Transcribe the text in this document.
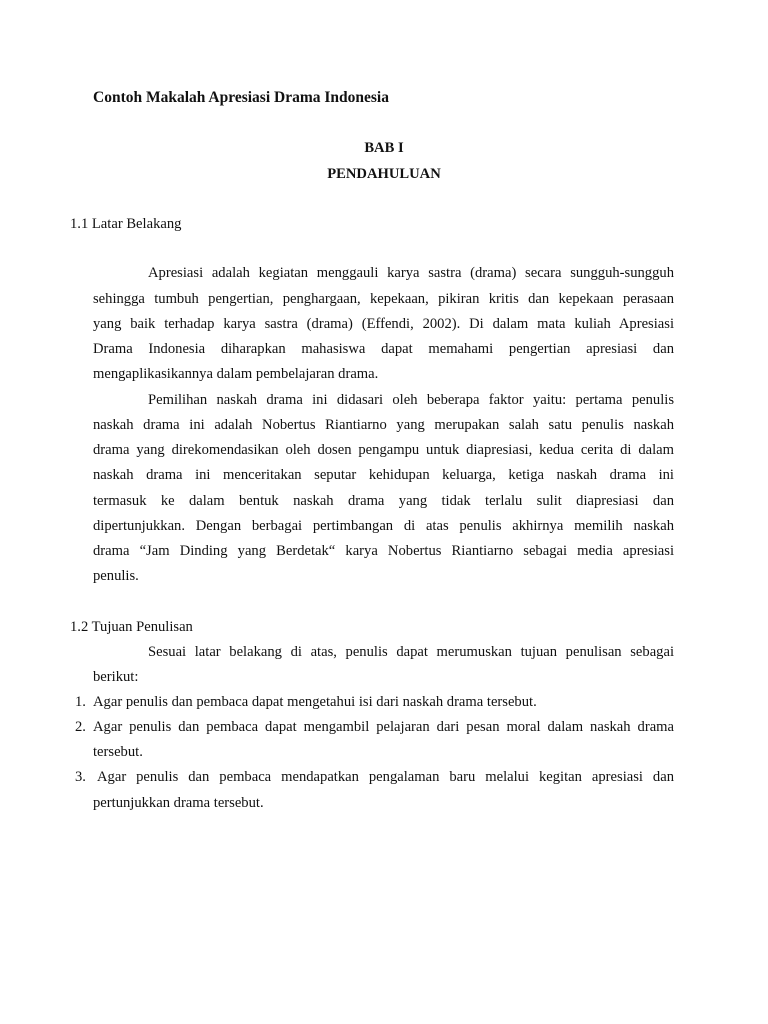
Contoh Makalah Apresiasi Drama Indonesia
BAB I
PENDAHULUAN
1.1 Latar Belakang
Apresiasi adalah kegiatan menggauli karya sastra (drama) secara sungguh-sungguh
sehingga tumbuh pengertian, penghargaan, kepekaan, pikiran kritis dan kepekaan perasaan
yang baik terhadap karya sastra (drama) (Effendi, 2002). Di dalam mata kuliah Apresiasi
Drama Indonesia diharapkan mahasiswa dapat memahami pengertian apresiasi dan
mengaplikasikannya dalam pembelajaran drama.
Pemilihan naskah drama ini didasari oleh beberapa faktor yaitu: pertama penulis
naskah drama ini adalah Nobertus Riantiarno yang merupakan salah satu penulis naskah
drama yang direkomendasikan oleh dosen pengampu untuk diapresiasi, kedua cerita di dalam
naskah drama ini menceritakan seputar kehidupan keluarga, ketiga naskah drama ini
termasuk ke dalam bentuk naskah drama yang tidak terlalu sulit diapresiasi dan
dipertunjukkan. Dengan berbagai pertimbangan di atas penulis akhirnya memilih naskah
drama “Jam Dinding yang Berdetak“ karya Nobertus Riantiarno sebagai media apresiasi
penulis.
1.2 Tujuan Penulisan
Sesuai latar belakang di atas, penulis dapat merumuskan tujuan penulisan sebagai
berikut:
1. Agar penulis dan pembaca dapat mengetahui isi dari naskah drama tersebut.
2. Agar penulis dan pembaca dapat mengambil pelajaran dari pesan moral dalam naskah drama
tersebut.
3. Agar penulis dan pembaca mendapatkan pengalaman baru melalui kegitan apresiasi dan
pertunjukkan drama tersebut.
